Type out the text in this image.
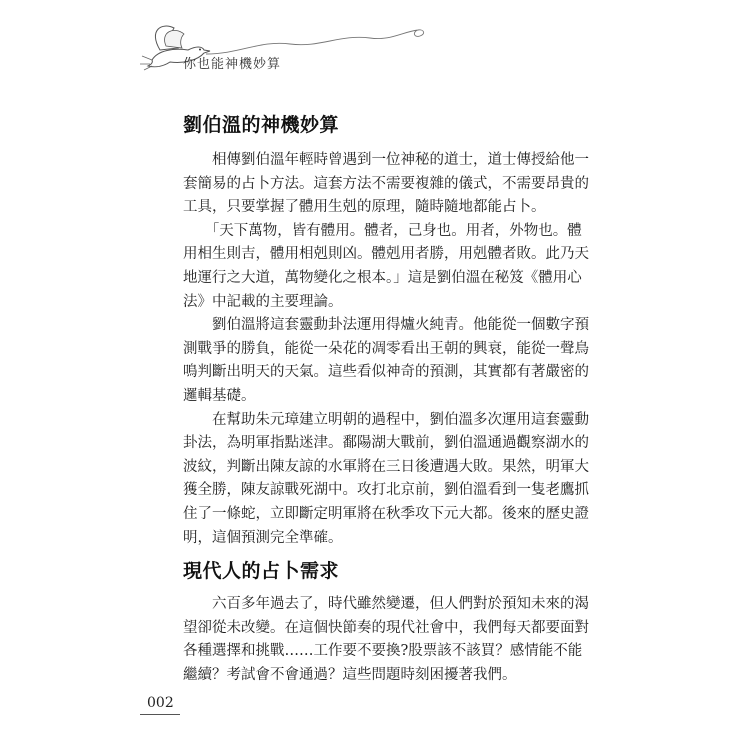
你也能神機妙算
劉伯溫的神機妙算
　　相傳劉伯溫年輕時曾遇到一位神秘的道士，道士傳授給他一
套簡易的占卜方法。這套方法不需要複雜的儀式，不需要昂貴的
工具，只要掌握了體用生剋的原理，隨時隨地都能占卜。
　　「天下萬物，皆有體用。體者，己身也。用者，外物也。體
用相生則吉，體用相剋則凶。體剋用者勝，用剋體者敗。此乃天
地運行之大道，萬物變化之根本。」這是劉伯溫在秘笈《體用心
法》中記載的主要理論。
　　劉伯溫將這套靈動卦法運用得爐火純青。他能從一個數字預
測戰爭的勝負，能從一朵花的凋零看出王朝的興衰，能從一聲鳥
鳴判斷出明天的天氣。這些看似神奇的預測，其實都有著嚴密的
邏輯基礎。
　　在幫助朱元璋建立明朝的過程中，劉伯溫多次運用這套靈動
卦法，為明軍指點迷津。鄱陽湖大戰前，劉伯溫通過觀察湖水的
波紋，判斷出陳友諒的水軍將在三日後遭遇大敗。果然，明軍大
獲全勝，陳友諒戰死湖中。攻打北京前，劉伯溫看到一隻老鷹抓
住了一條蛇，立即斷定明軍將在秋季攻下元大都。後來的歷史證
明，這個預測完全準確。
現代人的占卜需求
　　六百多年過去了，時代雖然變遷，但人們對於預知未來的渴
望卻從未改變。在這個快節奏的現代社會中，我們每天都要面對
各種選擇和挑戰……工作要不要換?股票該不該買？感情能不能
繼續？考試會不會通過？這些問題時刻困擾著我們。
002
